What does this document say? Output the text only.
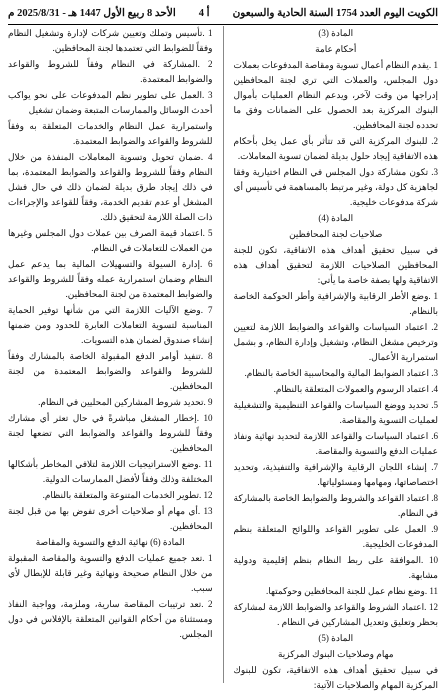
الكويت اليوم العدد 1754 السنة الحادية والسبعون
أ 4
الأحد 8 ربيع الأول 1447 هـ - 2025/8/31 م

المادة (3)

أحكام عامة

1 .يقدم النظام أعمال تسوية ومقاصة المدفوعات بعملات دول المجلس، والعملات التي تري لجنة المحافظين إدراجها من وقت لآخر، ويدعم النظام العمليات بأموال البنوك المركزية بعد الحصول على الضمانات وفق ما تحدده لجنة المحافظين.

2. للبنوك المركزية التي قد تتأثر بأي عمل يخل بأحكام هذه الاتفاقية إيجاد حلول بديلة لضمان تسوية المعاملات.

3. تكون مشاركة دول المجلس في النظام اختيارية وفقا لجاهزية كل دولة، وغير مرتبط بالمساهمة في تأسيس أي شركة مدفوعات خليجية.

المادة (4)

صلاحيات لجنة المحافظين

في سبيل تحقيق أهداف هذه الاتفاقية، تكون للجنة المحافظين الصلاحيات اللازمة لتحقيق أهداف هذه الاتفاقية ولها بصفة خاصة ما يأتي:

1 .وضع الأطر الرقابية والإشرافية وأطر الحوكمة الخاصة بالنظام.

2. اعتماد السياسات والقواعد والضوابط اللازمة لتعيين وترخيص مشغل النظام، وتشغيل وإدارة النظام، و بشمل استمرارية الأعمال.

3. اعتماد الضوابط المالية والمحاسبية الخاصة بالنظام.

4. اعتماد الرسوم والعمولات المتعلقة بالنظام.

5. تحديد ووضع السياسات والقواعد التنظيمية والتشغيلية لعمليات التسوية والمقاصة.

6. اعتماد السياسات والقواعد اللازمة لتحديد نهائية ونفاذ عمليات الدفع والتسوية والمقاصة.

7. إنشاء اللجان الرقابية والإشرافية والتنفيذية، وتحديد اختصاصاتها، ومهامها ومسئولياتها.

8. اعتماد القواعد والشروط والضوابط الخاصة بالمشاركة في النظام.

9. العمل على تطوير القواعد واللوائح المتعلقة بنظم المدفوعات الخليجية.

10 .الموافقة على ربط النظام بنظم إقليمية ودولية مشابهة.

11 .وضع نظام عمل للجنة المحافظين وحوكمتها.

12 .اعتماد الشروط والقواعد والضوابط اللازمة لمشاركة بحظر وتعليق وتعديل المشاركين في النظام .

المادة (5)

مهام وصلاحيات البنوك المركزية

في سبيل تحقيق أهداف هذه الاتفاقية، تكون للبنوك المركزية المهام والصلاحيات الآتية:

1 .تأسيس وتملك وتعيين شركات لإدارة وتشغيل النظام وفقاً للضوابط التي تعتمدها لجنة المحافظين.

2 .المشاركة في النظام وفقاً للشروط والقواعد والضوابط المعتمدة.

3 .العمل على تطوير نظم المدفوعات على نحو يواكب أحدث الوسائل والممارسات المتبعة وضمان تشغيل

واستمرارية عمل النظام والخدمات المتعلقة به وفقاً للشروط والقواعد والضوابط المعتمدة.

4 .ضمان تحويل وتسوية المعاملات المنفذة من خلال النظام وفقاً للشروط والقواعد والضوابط المعتمدة، بما في ذلك إيجاد طرق بديلة لضمان ذلك في حال فشل المشغل أو عدم تقديم الخدمة، وفقاً للقواعد والإجراءات ذات الصلة اللازمة لتحقيق ذلك.

5 .اعتماد قيمة الصرف بين عملات دول المجلس وغيرها من العملات للتعاملات في النظام.

6 .إدارة السيولة والتسهيلات المالية بما يدعم عمل النظام وضمان استمرارية عمله وفقاً للشروط والقواعد والضوابط المعتمدة من لجنة المحافظين.

7 .وضع الآليات اللازمة التي من شأنها توفير الحماية المناسبة لتسوية التعاملات العابرة للحدود ومن ضمنها إنشاء صندوق لضمان هذه التسويات.

8 .تنفيذ أوامر الدفع المقبولة الخاصة بالمشارك وفقاً للشروط والقواعد والضوابط المعتمدة من لجنة المحافظين.

9 .تحديد شروط المشاركين المحليين في النظام.

10 .إخطار المشغل مباشرةً في حال تعثر أي مشارك وفقاً للشروط والقواعد والضوابط التي تضعها لجنة المحافظين.

11 .وضع الاستراتيجيات اللازمة لتلافي المخاطر بأشكالها المختلفة وذلك وفقاً لأفضل الممارسات الدولية.

12 .تطوير الخدمات المتنوعة والمتعلقة بالنظام.

13 .أي مهام أو صلاحيات أخرى تفوض بها من قبل لجنة المحافظين.

المادة (6) نهائية الدفع والتسوية والمقاصة

1 .تعد جميع عمليات الدفع والتسوية والمقاصة المقبولة من خلال النظام صحيحة ونهائية وغير قابلة للإبطال لأي سبب.

2 .تعد ترتيبات المقاصة سارية، وملزمة، وواجبة النفاذ ومستثناة من أحكام القوانين المتعلقة بالإفلاس في دول المجلس.
